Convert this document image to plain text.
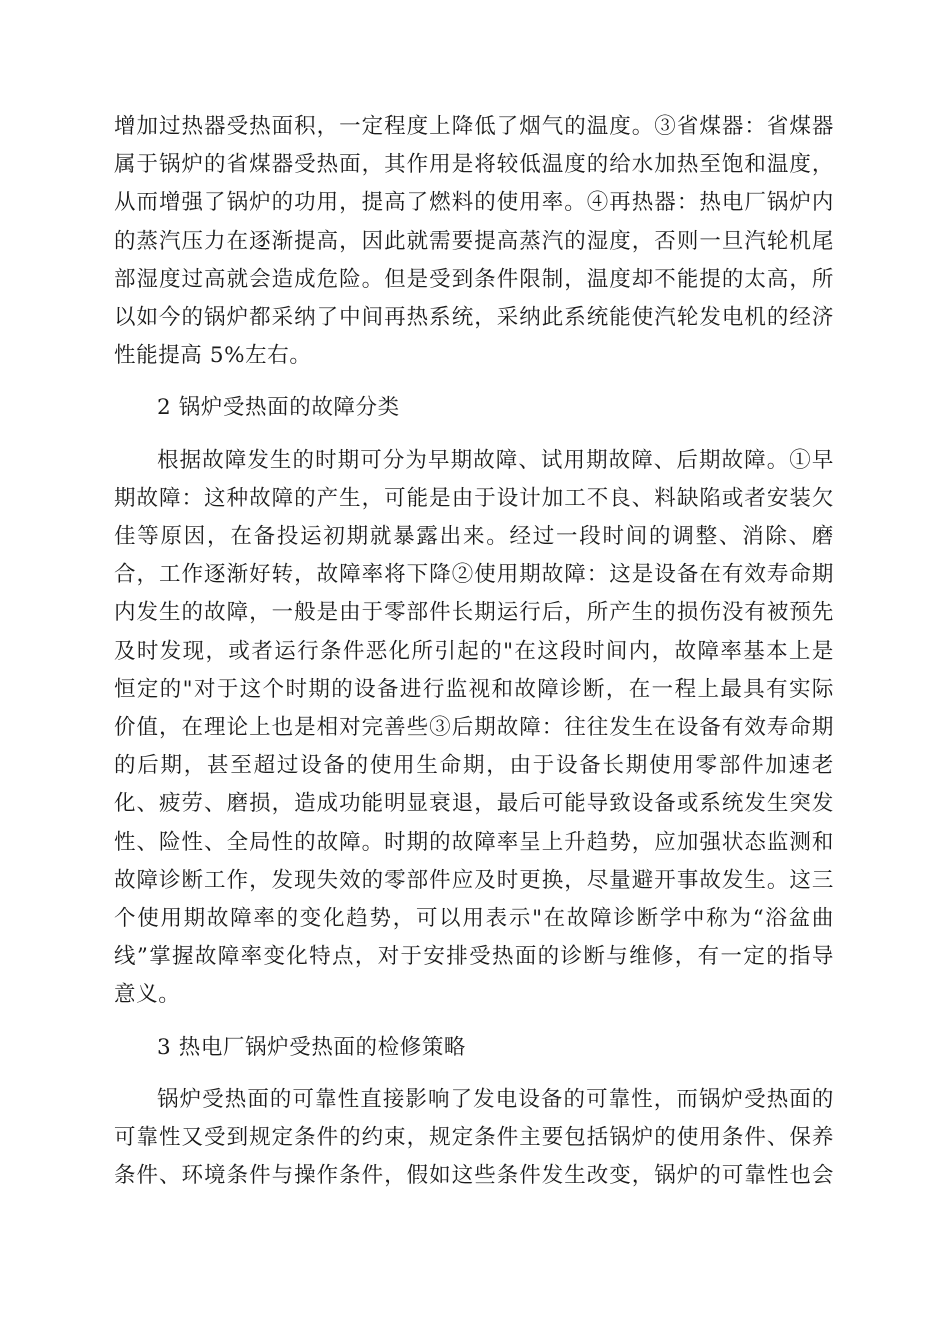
增加过热器受热面积，一定程度上降低了烟气的温度。③省煤器：省煤器
属于锅炉的省煤器受热面，其作用是将较低温度的给水加热至饱和温度，
从而增强了锅炉的功用，提高了燃料的使用率。④再热器：热电厂锅炉内
的蒸汽压力在逐渐提高，因此就需要提高蒸汽的湿度，否则一旦汽轮机尾
部湿度过高就会造成危险。但是受到条件限制，温度却不能提的太高，所
以如今的锅炉都采纳了中间再热系统，采纳此系统能使汽轮发电机的经济
性能提高 5%左右。
2 锅炉受热面的故障分类
根据故障发生的时期可分为早期故障、试用期故障、后期故障。①早
期故障：这种故障的产生，可能是由于设计加工不良、料缺陷或者安装欠
佳等原因，在备投运初期就暴露出来。经过一段时间的调整、消除、磨
合，工作逐渐好转，故障率将下降②使用期故障：这是设备在有效寿命期
内发生的故障，一般是由于零部件长期运行后，所产生的损伤没有被预先
及时发现，或者运行条件恶化所引起的"在这段时间内，故障率基本上是
恒定的"对于这个时期的设备进行监视和故障诊断，在一程上最具有实际
价值，在理论上也是相对完善些③后期故障：往往发生在设备有效寿命期
的后期，甚至超过设备的使用生命期，由于设备长期使用零部件加速老
化、疲劳、磨损，造成功能明显衰退，最后可能导致设备或系统发生突发
性、险性、全局性的故障。时期的故障率呈上升趋势，应加强状态监测和
故障诊断工作，发现失效的零部件应及时更换，尽量避开事故发生。这三
个使用期故障率的变化趋势，可以用表示"在故障诊断学中称为“浴盆曲
线”掌握故障率变化特点，对于安排受热面的诊断与维修，有一定的指导
意义。
3 热电厂锅炉受热面的检修策略
锅炉受热面的可靠性直接影响了发电设备的可靠性，而锅炉受热面的
可靠性又受到规定条件的约束，规定条件主要包括锅炉的使用条件、保养
条件、环境条件与操作条件，假如这些条件发生改变，锅炉的可靠性也会
